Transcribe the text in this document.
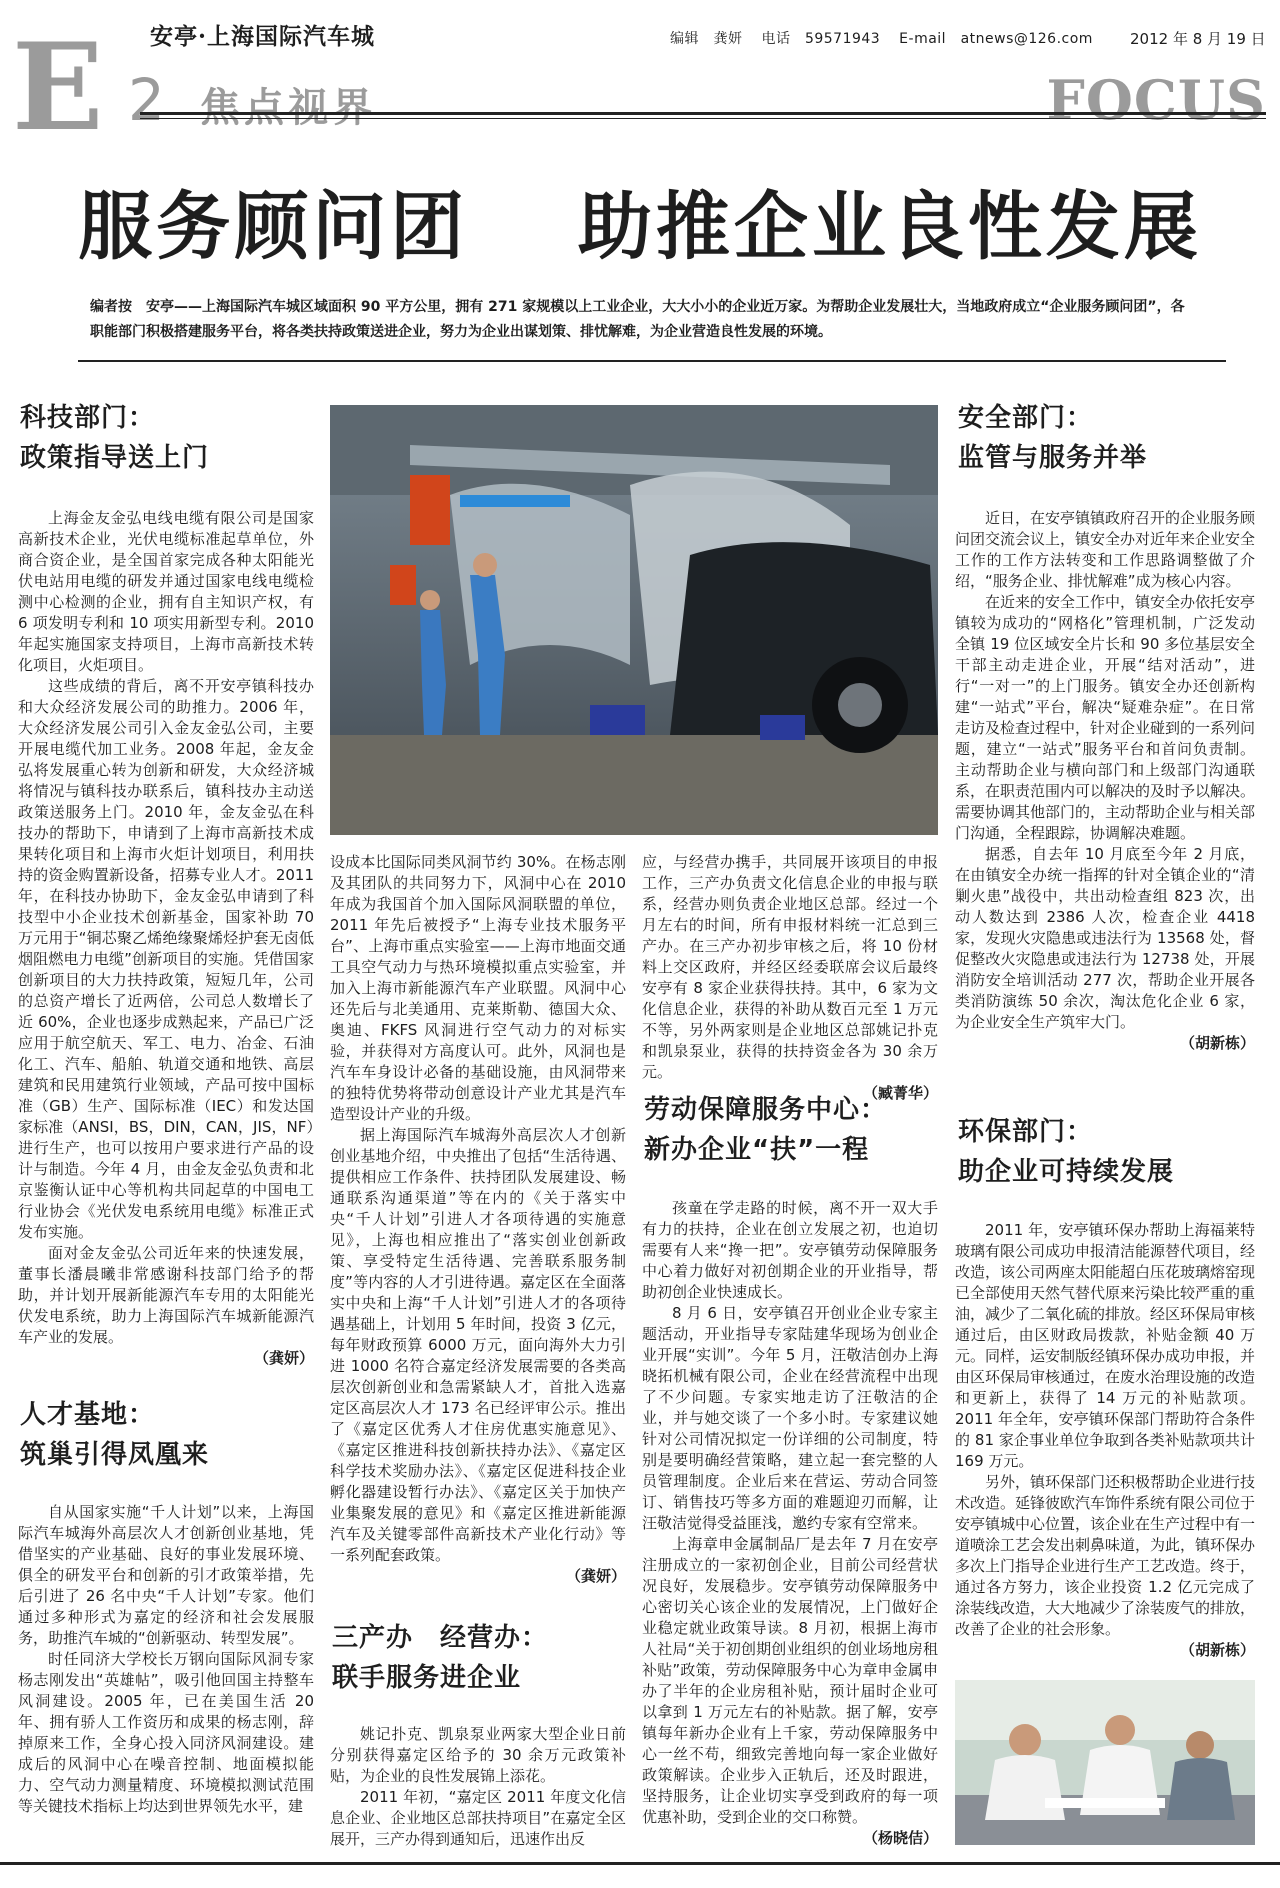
安亭·上海国际汽车城	编辑　龚妍 电话　59571943 E-mail　atnews@126.com	2012 年 8 月 19 日
E 2 焦点视界	FOCUS
服务顾问团 助推企业良性发展
编者按　安亭——上海国际汽车城区域面积 90 平方公里，拥有 271 家规模以上工业企业，大大小小的企业近万家。为帮助企业发展壮大，当地政府成立“企业服务顾问团”，各职能部门积极搭建服务平台，将各类扶持政策送进企业，努力为企业出谋划策、排忧解难，为企业营造良性发展的环境。
科技部门：
政策指导送上门

上海金友金弘电线电缆有限公司是国家高新技术企业，光伏电缆标准起草单位，外商合资企业，是全国首家完成各种太阳能光伏电站用电缆的研发并通过国家电线电缆检测中心检测的企业，拥有自主知识产权，有 6 项发明专利和 10 项实用新型专利。2010 年起实施国家支持项目，上海市高新技术转化项目，火炬项目。

这些成绩的背后，离不开安亭镇科技办和大众经济发展公司的助推力。2006 年，大众经济发展公司引入金友金弘公司，主要开展电缆代加工业务。2008 年起，金友金弘将发展重心转为创新和研发，大众经济城将情况与镇科技办联系后，镇科技办主动送政策送服务上门。2010 年，金友金弘在科技办的帮助下，申请到了上海市高新技术成果转化项目和上海市火炬计划项目，利用扶持的资金购置新设备，招募专业人才。2011 年，在科技办协助下，金友金弘申请到了科技型中小企业技术创新基金，国家补助 70 万元用于“铜芯聚乙烯绝缘聚烯烃护套无卤低烟阻燃电力电缆”创新项目的实施。凭借国家创新项目的大力扶持政策，短短几年，公司的总资产增长了近两倍，公司总人数增长了近 60%，企业也逐步成熟起来，产品已广泛应用于航空航天、军工、电力、冶金、石油化工、汽车、船舶、轨道交通和地铁、高层建筑和民用建筑行业领域，产品可按中国标准（GB）生产、国际标准（IEC）和发达国家标准（ANSI，BS，DIN，CAN，JIS，NF）进行生产，也可以按用户要求进行产品的设计与制造。今年 4 月，由金友金弘负责和北京鉴衡认证中心等机构共同起草的中国电工行业协会《光伏发电系统用电缆》标准正式发布实施。

面对金友金弘公司近年来的快速发展，董事长潘晨曦非常感谢科技部门给予的帮助，并计划开展新能源汽车专用的太阳能光伏发电系统，助力上海国际汽车城新能源汽车产业的发展。

（龚妍）
人才基地：
筑巢引得凤凰来

自从国家实施“千人计划”以来，上海国际汽车城海外高层次人才创新创业基地，凭借坚实的产业基础、良好的事业发展环境、俱全的研发平台和创新的引才政策举措，先后引进了 26 名中央“千人计划”专家。他们通过多种形式为嘉定的经济和社会发展服务，助推汽车城的“创新驱动、转型发展”。

时任同济大学校长万钢向国际风洞专家杨志刚发出“英雄帖”，吸引他回国主持整车风洞建设。2005 年，已在美国生活 20 年、拥有骄人工作资历和成果的杨志刚，辞掉原来工作，全身心投入同济风洞建设。建成后的风洞中心在噪音控制、地面模拟能力、空气动力测量精度、环境模拟测试范围等关键技术指标上均达到世界领先水平，建

设成本比国际同类风洞节约 30%。在杨志刚及其团队的共同努力下，风洞中心在 2010 年成为我国首个加入国际风洞联盟的单位，2011 年先后被授予“上海专业技术服务平台”、上海市重点实验室——上海市地面交通工具空气动力与热环境模拟重点实验室，并加入上海市新能源汽车产业联盟。风洞中心还先后与北美通用、克莱斯勒、德国大众、奥迪、FKFS 风洞进行空气动力的对标实验，并获得对方高度认可。此外，风洞也是汽车车身设计必备的基础设施，由风洞带来的独特优势将带动创意设计产业尤其是汽车造型设计产业的升级。

据上海国际汽车城海外高层次人才创新创业基地介绍，中央推出了包括“生活待遇、提供相应工作条件、扶持团队发展建设、畅通联系沟通渠道”等在内的《关于落实中央“千人计划”引进人才各项待遇的实施意见》，上海也相应推出了“落实创业创新政策、享受特定生活待遇、完善联系服务制度”等内容的人才引进待遇。嘉定区在全面落实中央和上海“千人计划”引进人才的各项待遇基础上，计划用 5 年时间，投资 3 亿元，每年财政预算 6000 万元，面向海外大力引进 1000 名符合嘉定经济发展需要的各类高层次创新创业和急需紧缺人才，首批入选嘉定区高层次人才 173 名已经评审公示。推出了《嘉定区优秀人才住房优惠实施意见》、《嘉定区推进科技创新扶持办法》、《嘉定区科学技术奖励办法》、《嘉定区促进科技企业孵化器建设暂行办法》、《嘉定区关于加快产业集聚发展的意见》和《嘉定区推进新能源汽车及关键零部件高新技术产业化行动》等一系列配套政策。

（龚妍）
三产办　经营办：
联手服务进企业

姚记扑克、凯泉泵业两家大型企业日前分别获得嘉定区给予的 30 余万元政策补贴，为企业的良性发展锦上添花。

2011 年初，“嘉定区 2011 年度文化信息企业、企业地区总部扶持项目”在嘉定全区展开，三产办得到通知后，迅速作出反

应，与经营办携手，共同展开该项目的申报工作，三产办负责文化信息企业的申报与联系，经营办则负责企业地区总部。经过一个月左右的时间，所有申报材料统一汇总到三产办。在三产办初步审核之后，将 10 份材料上交区政府，并经区经委联席会议后最终安亭有 8 家企业获得扶持。其中，6 家为文化信息企业，获得的补助从数百元至 1 万元不等，另外两家则是企业地区总部姚记扑克和凯泉泵业，获得的扶持资金各为 30 余万元。

（臧菁华）
劳动保障服务中心：
新办企业“扶”一程

孩童在学走路的时候，离不开一双大手有力的扶持，企业在创立发展之初，也迫切需要有人来“搀一把”。安亭镇劳动保障服务中心着力做好对初创期企业的开业指导，帮助初创企业快速成长。

8 月 6 日，安亭镇召开创业企业专家主题活动，开业指导专家陆建华现场为创业企业开展“实训”。今年 5 月，汪敬洁创办上海晓拓机械有限公司，企业在经营流程中出现了不少问题。专家实地走访了汪敬洁的企业，并与她交谈了一个多小时。专家建议她针对公司情况拟定一份详细的公司制度，特别是要明确经营策略，建立起一套完整的人员管理制度。企业后来在营运、劳动合同签订、销售技巧等多方面的难题迎刃而解，让汪敬洁觉得受益匪浅，邀约专家有空常来。

上海章申金属制品厂是去年 7 月在安亭注册成立的一家初创企业，目前公司经营状况良好，发展稳步。安亭镇劳动保障服务中心密切关心该企业的发展情况，上门做好企业稳定就业政策导读。8 月初，根据上海市人社局“关于初创期创业组织的创业场地房租补贴”政策，劳动保障服务中心为章申金属申办了半年的企业房租补贴，预计届时企业可以拿到 1 万元左右的补贴款。据了解，安亭镇每年新办企业有上千家，劳动保障服务中心一丝不苟，细致完善地向每一家企业做好政策解读。企业步入正轨后，还及时跟进，坚持服务，让企业切实享受到政府的每一项优惠补助，受到企业的交口称赞。

（杨晓佶）
安全部门：
监管与服务并举

近日，在安亭镇镇政府召开的企业服务顾问团交流会议上，镇安全办对近年来企业安全工作的工作方法转变和工作思路调整做了介绍，“服务企业、排忧解难”成为核心内容。

在近来的安全工作中，镇安全办依托安亭镇较为成功的“网格化”管理机制，广泛发动全镇 19 位区域安全片长和 90 多位基层安全干部主动走进企业，开展“结对活动”，进行“一对一”的上门服务。镇安全办还创新构建“一站式”平台，解决“疑难杂症”。在日常走访及检查过程中，针对企业碰到的一系列问题，建立“一站式”服务平台和首问负责制。主动帮助企业与横向部门和上级部门沟通联系，在职责范围内可以解决的及时予以解决。需要协调其他部门的，主动帮助企业与相关部门沟通，全程跟踪，协调解决难题。

据悉，自去年 10 月底至今年 2 月底，在由镇安全办统一指挥的针对全镇企业的“清剿火患”战役中，共出动检查组 823 次，出动人数达到 2386 人次，检查企业 4418 家，发现火灾隐患或违法行为 13568 处，督促整改火灾隐患或违法行为 12738 处，开展消防安全培训活动 277 次，帮助企业开展各类消防演练 50 余次，淘汰危化企业 6 家，为企业安全生产筑牢大门。

（胡新栋）
环保部门：
助企业可持续发展

2011 年，安亭镇环保办帮助上海福莱特玻璃有限公司成功申报清洁能源替代项目，经改造，该公司两座太阳能超白压花玻璃熔窑现已全部使用天然气替代原来污染比较严重的重油，减少了二氧化硫的排放。经区环保局审核通过后，由区财政局拨款，补贴金额 40 万元。同样，运安制版经镇环保办成功申报，并由区环保局审核通过，在废水治理设施的改造和更新上，获得了 14 万元的补贴款项。2011 年全年，安亭镇环保部门帮助符合条件的 81 家企事业单位争取到各类补贴款项共计 169 万元。

另外，镇环保部门还积极帮助企业进行技术改造。延锋彼欧汽车饰件系统有限公司位于安亭镇城中心位置，该企业在生产过程中有一道喷涂工艺会发出刺鼻味道，为此，镇环保办多次上门指导企业进行生产工艺改造。终于，通过各方努力，该企业投资 1.2 亿元完成了涂装线改造，大大地减少了涂装废气的排放，改善了企业的社会形象。

（胡新栋）
